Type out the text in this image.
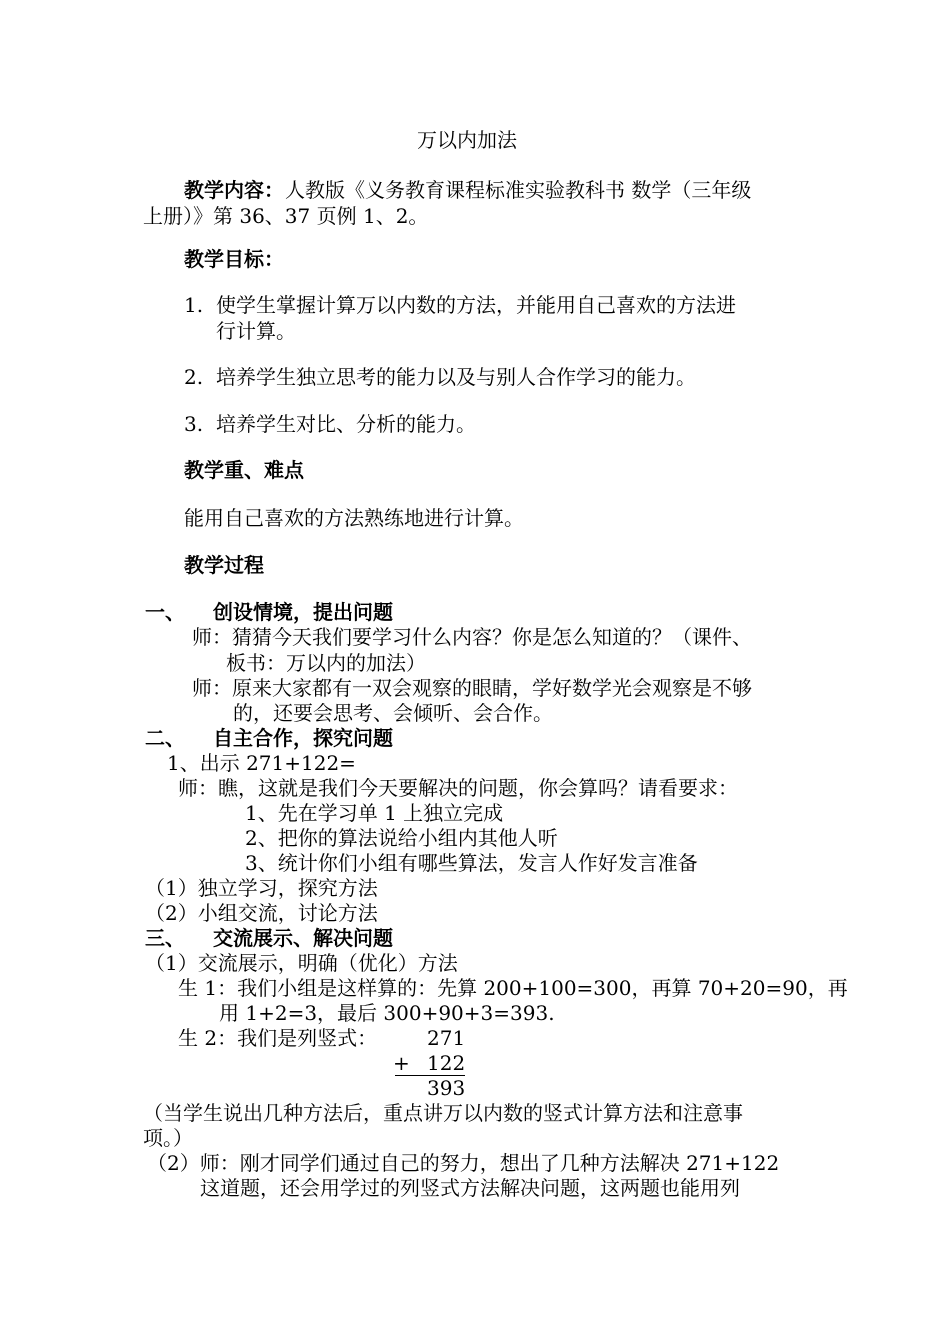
万以内加法
教学内容： 人教版《义务教育课程标准实验教科书 数学（三年级
上册）》第 36、37 页例 1、2。
教学目标：
1. 使学生掌握计算万以内数的方法，并能用自己喜欢的方法进
行计算。
2. 培养学生独立思考的能力以及与别人合作学习的能力。
3. 培养学生对比、分析的能力。
教学重、难点
能用自己喜欢的方法熟练地进行计算。
教学过程
一、 创设情境，提出问题
师：猜猜今天我们要学习什么内容？你是怎么知道的？（课件、
板书：万以内的加法）
师：原来大家都有一双会观察的眼睛，学好数学光会观察是不够
的，还要会思考、会倾听、会合作。
二、 自主合作，探究问题
1、出示 271+122=
师：瞧，这就是我们今天要解决的问题，你会算吗？请看要求：
1、先在学习单 1 上独立完成
2、把你的算法说给小组内其他人听
3、统计你们小组有哪些算法，发言人作好发言准备
（1）独立学习，探究方法
（2）小组交流，讨论方法
三、 交流展示、解决问题
（1）交流展示，明确（优化）方法
生 1：我们小组是这样算的：先算 200+100=300，再算 70+20=90，再
用 1+2=3，最后 300+90+3=393.
生 2：我们是列竖式： 271
+ 122
393
（当学生说出几种方法后，重点讲万以内数的竖式计算方法和注意事
项。）
（2）师：刚才同学们通过自己的努力，想出了几种方法解决 271+122
这道题，还会用学过的列竖式方法解决问题，这两题也能用列
